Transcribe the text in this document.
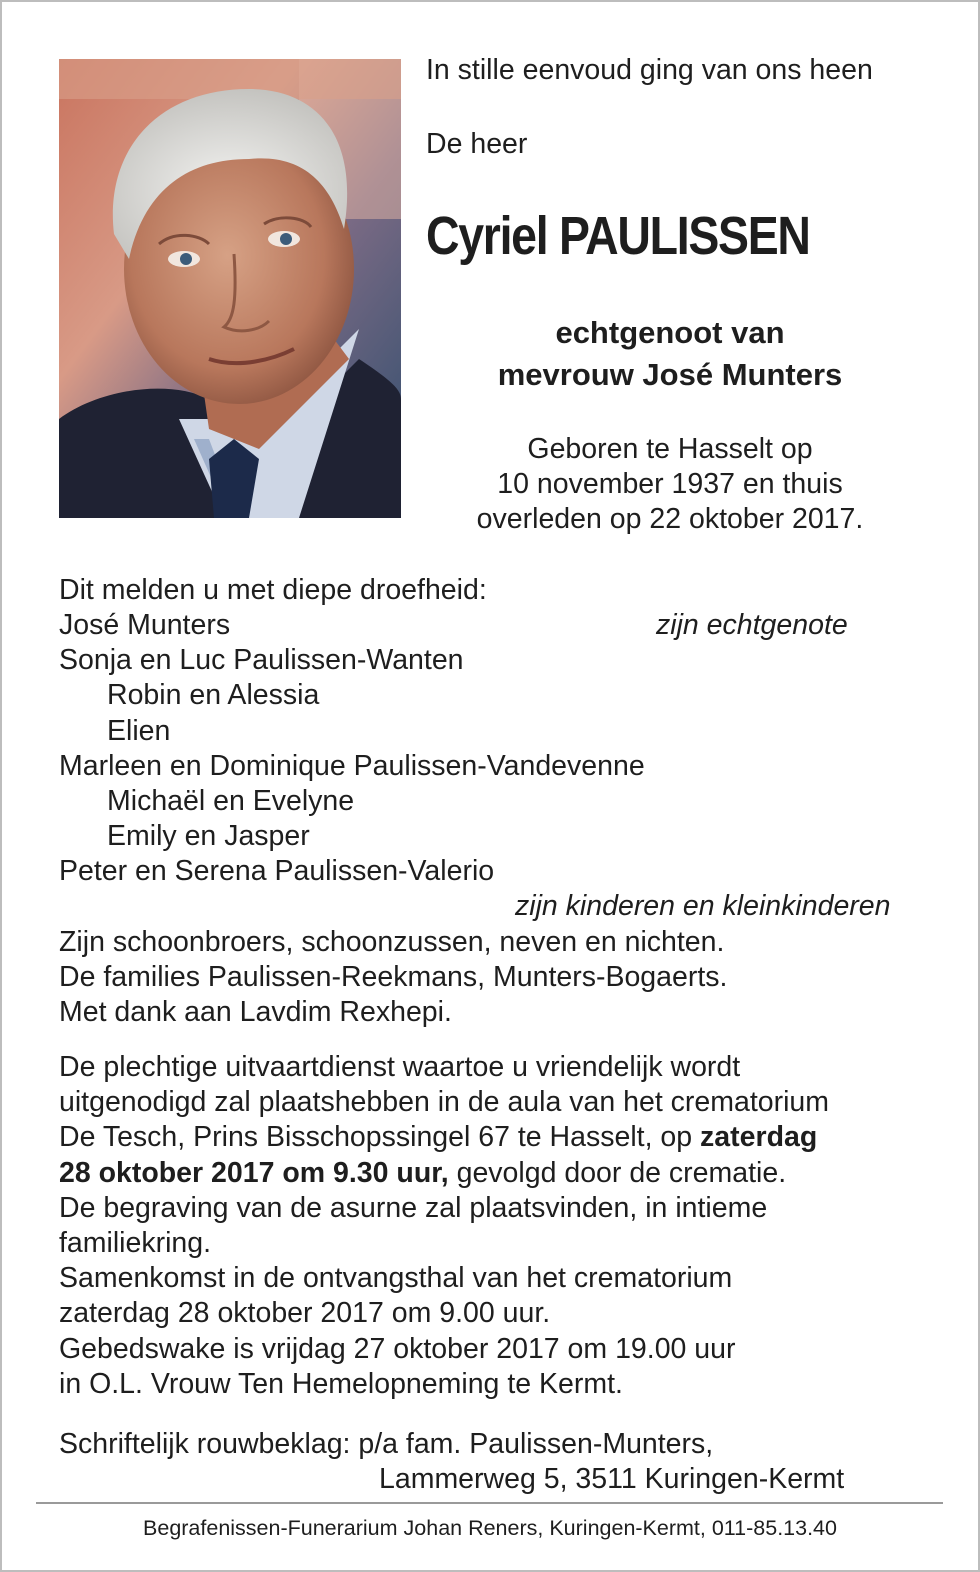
In stille eenvoud ging van ons heen
De heer
Cyriel PAULISSEN
echtgenoot van
mevrouw José Munters
Geboren te Hasselt op
10 november 1937 en thuis
overleden op 22 oktober 2017.
Dit melden u met diepe droefheid:
José Munters	zijn echtgenote
Sonja en Luc Paulissen-Wanten
Robin en Alessia
Elien
Marleen en Dominique Paulissen-Vandevenne
Michaël en Evelyne
Emily en Jasper
Peter en Serena Paulissen-Valerio
zijn kinderen en kleinkinderen
Zijn schoonbroers, schoonzussen, neven en nichten.
De families Paulissen-Reekmans, Munters-Bogaerts.
Met dank aan Lavdim Rexhepi.
De plechtige uitvaartdienst waartoe u vriendelijk wordt
uitgenodigd zal plaatshebben in de aula van het crematorium
De Tesch, Prins Bisschopssingel 67 te Hasselt, op zaterdag
28 oktober 2017 om 9.30 uur, gevolgd door de crematie.
De begraving van de asurne zal plaatsvinden, in intieme
familiekring.
Samenkomst in de ontvangsthal van het crematorium
zaterdag 28 oktober 2017 om 9.00 uur.
Gebedswake is vrijdag 27 oktober 2017 om 19.00 uur
in O.L. Vrouw Ten Hemelopneming te Kermt.
Schriftelijk rouwbeklag: p/a fam. Paulissen-Munters,
Lammerweg 5, 3511 Kuringen-Kermt
Begrafenissen-Funerarium Johan Reners, Kuringen-Kermt, 011-85.13.40
